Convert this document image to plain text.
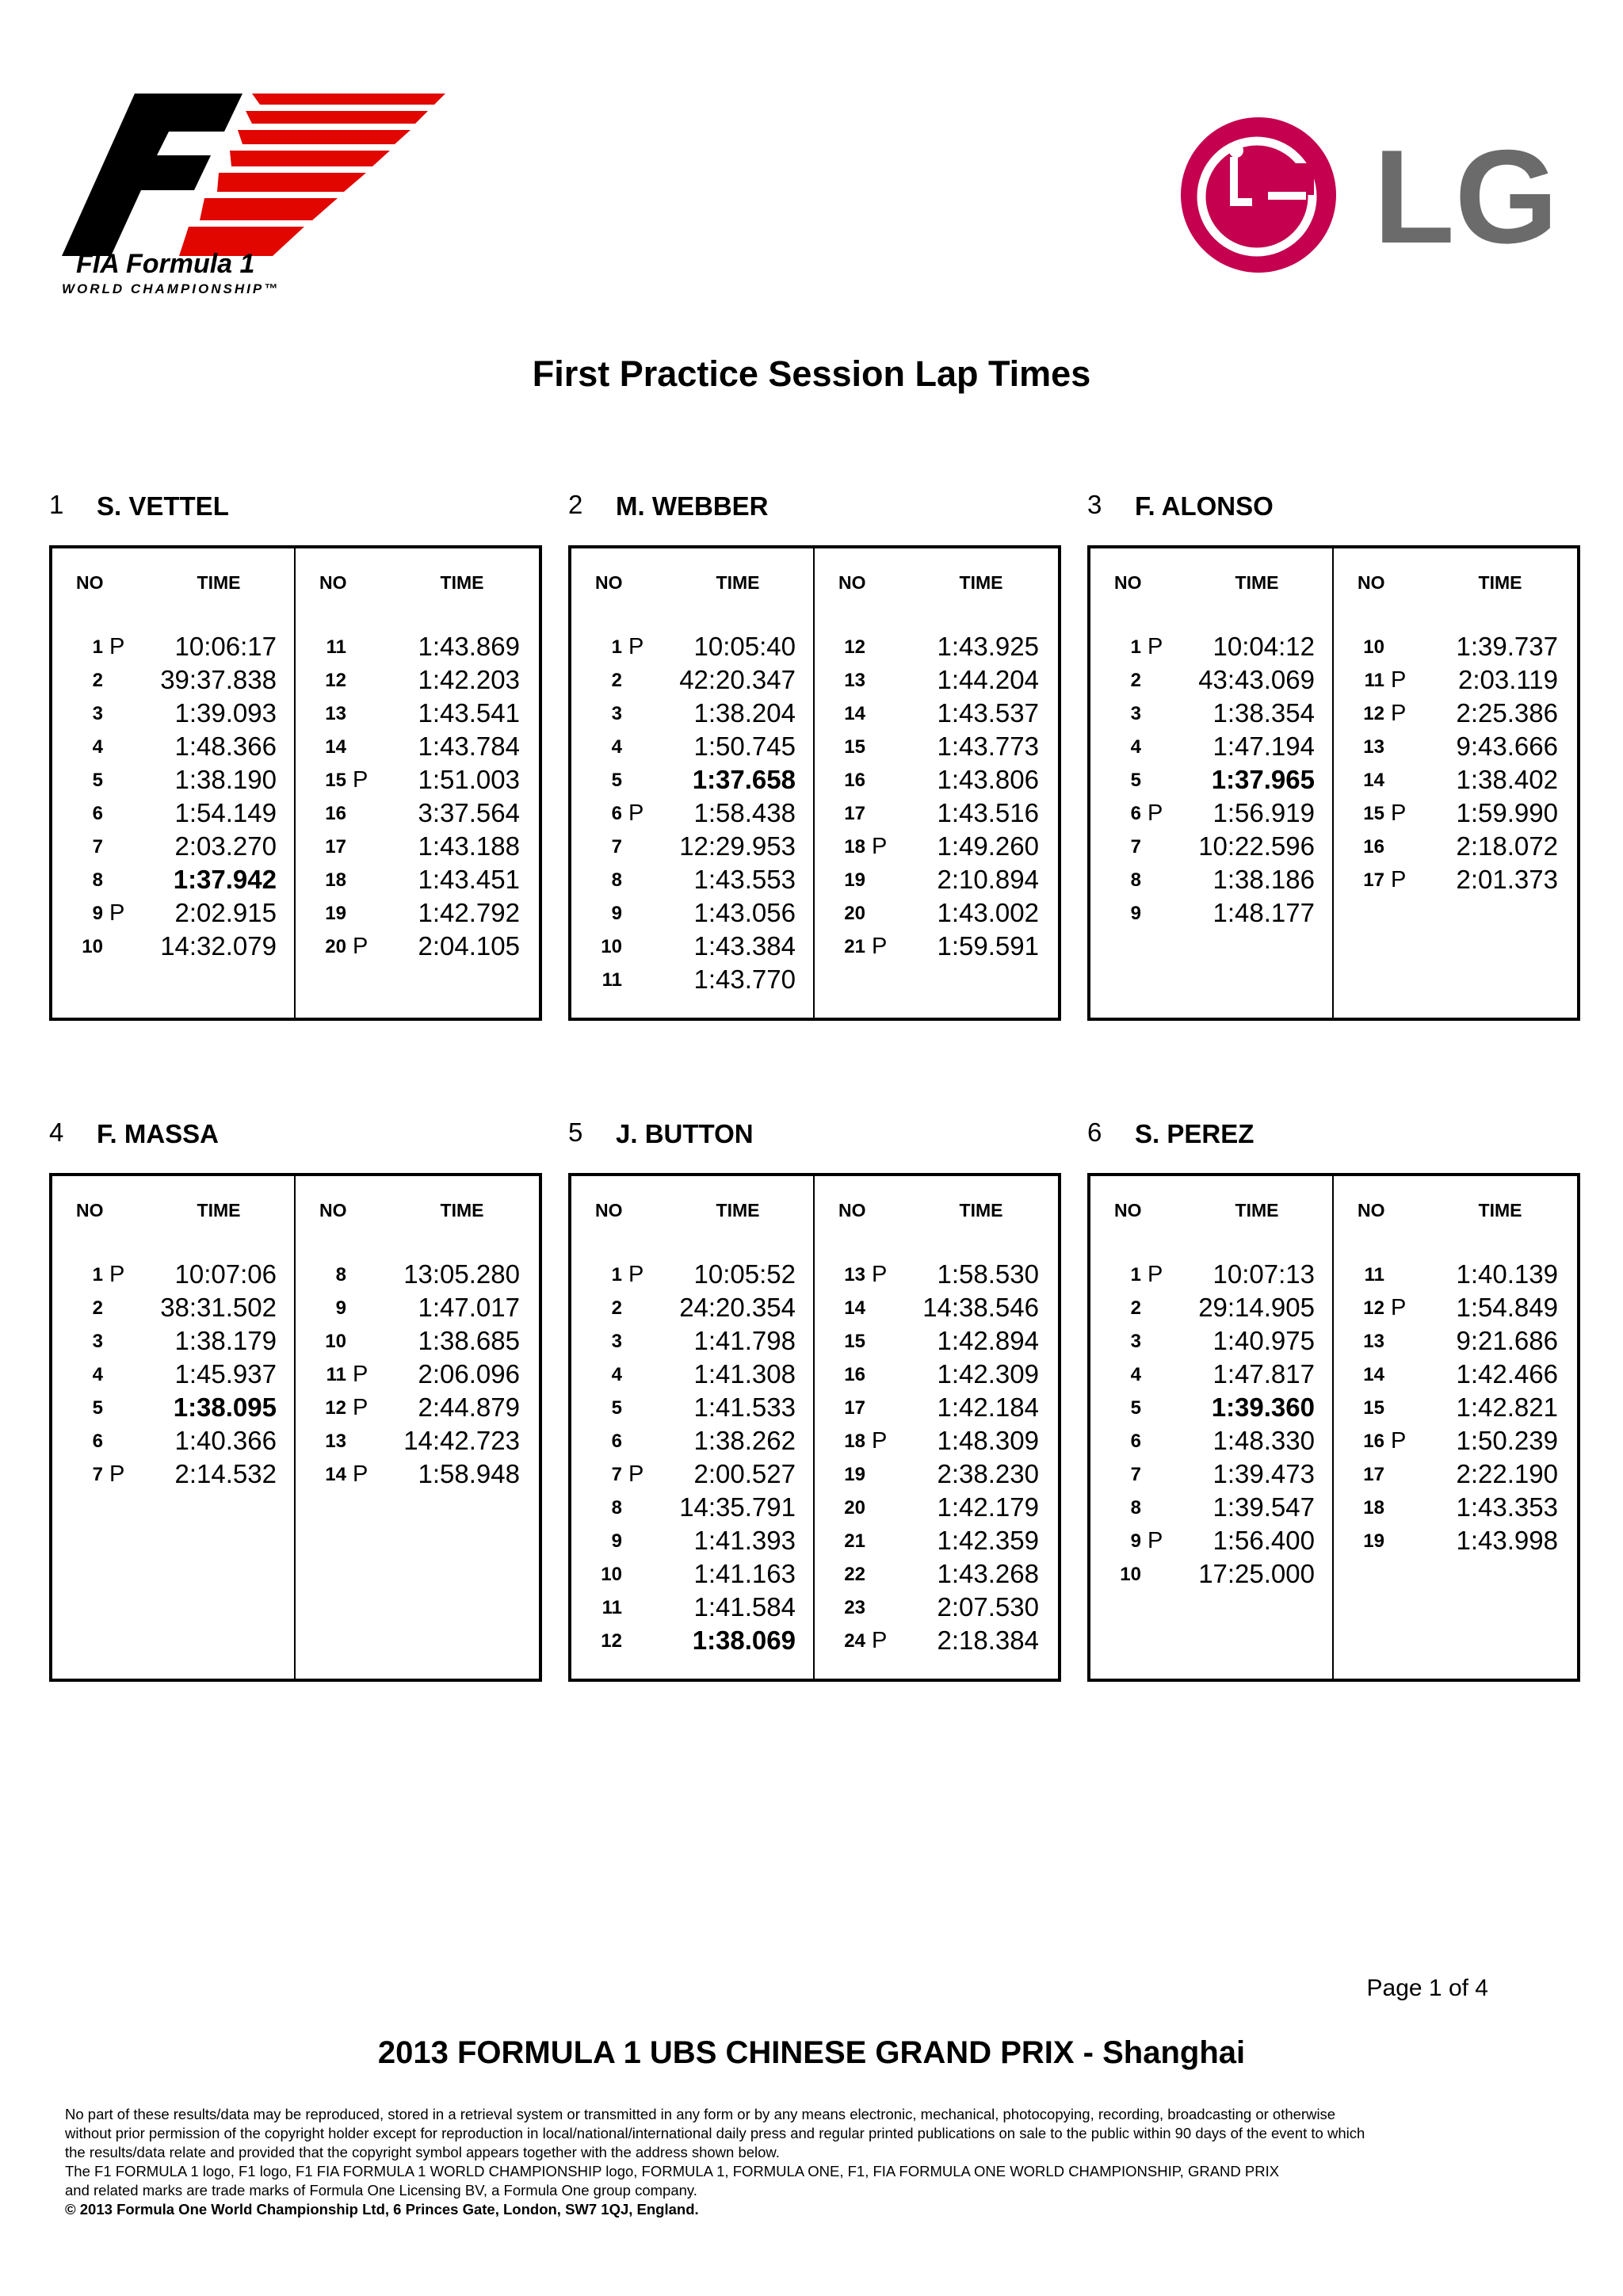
FIA Formula 1
WORLD CHAMPIONSHIP™
LG
First Practice Session Lap Times
1 S. VETTEL
NO	TIME
1 P 10:06:17
2 39:37.838
3	1:39.093
4	1:48.366
5	1:38.190
6	1:54.149
7	2:03.270
8	1:37.942
9 P 2:02.915
10 14:32.079
NO	TIME
11	1:43.869
12	1:42.203
13	1:43.541
14	1:43.784
15 P 1:51.003
16	3:37.564
17	1:43.188
18	1:43.451
19	1:42.792
20 P 2:04.105
2 M. WEBBER
NO	TIME
1 P 10:05:40
2 42:20.347
3	1:38.204
4	1:50.745
5	1:37.658
6 P 1:58.438
7 12:29.953
8	1:43.553
9	1:43.056
10	1:43.384
11	1:43.770
NO	TIME
12	1:43.925
13	1:44.204
14	1:43.537
15	1:43.773
16	1:43.806
17	1:43.516
18 P 1:49.260
19	2:10.894
20	1:43.002
21 P 1:59.591
3 F. ALONSO
NO	TIME
1 P 10:04:12
2 43:43.069
3	1:38.354
4	1:47.194
5	1:37.965
6 P 1:56.919
7 10:22.596
8	1:38.186
9	1:48.177
NO	TIME
10	1:39.737
11 P 2:03.119
12 P 2:25.386
13	9:43.666
14	1:38.402
15 P 1:59.990
16	2:18.072
17 P 2:01.373
4 F. MASSA
NO	TIME
1 P 10:07:06
2 38:31.502
3	1:38.179
4	1:45.937
5	1:38.095
6	1:40.366
7 P 2:14.532
NO	TIME
8 13:05.280
9	1:47.017
10	1:38.685
11 P 2:06.096
12 P 2:44.879
13 14:42.723
14 P 1:58.948
5 J. BUTTON
NO	TIME
1 P 10:05:52
2 24:20.354
3	1:41.798
4	1:41.308
5	1:41.533
6	1:38.262
7 P 2:00.527
8 14:35.791
9	1:41.393
10	1:41.163
11	1:41.584
12	1:38.069
NO	TIME
13 P 1:58.530
14 14:38.546
15	1:42.894
16	1:42.309
17	1:42.184
18 P 1:48.309
19	2:38.230
20	1:42.179
21	1:42.359
22	1:43.268
23	2:07.530
24 P 2:18.384
6 S. PEREZ
NO	TIME
1 P 10:07:13
2 29:14.905
3	1:40.975
4	1:47.817
5	1:39.360
6	1:48.330
7	1:39.473
8	1:39.547
9 P 1:56.400
10 17:25.000
NO	TIME
11	1:40.139
12 P 1:54.849
13	9:21.686
14	1:42.466
15	1:42.821
16 P 1:50.239
17	2:22.190
18	1:43.353
19	1:43.998
Page 1 of 4
2013 FORMULA 1 UBS CHINESE GRAND PRIX - Shanghai
No part of these results/data may be reproduced, stored in a retrieval system or transmitted in any form or by any means electronic, mechanical, photocopying, recording, broadcasting or otherwise
without prior permission of the copyright holder except for reproduction in local/national/international daily press and regular printed publications on sale to the public within 90 days of the event to which
the results/data relate and provided that the copyright symbol appears together with the address shown below.
The F1 FORMULA 1 logo, F1 logo, F1 FIA FORMULA 1 WORLD CHAMPIONSHIP logo, FORMULA 1, FORMULA ONE, F1, FIA FORMULA ONE WORLD CHAMPIONSHIP, GRAND PRIX
and related marks are trade marks of Formula One Licensing BV, a Formula One group company.
© 2013 Formula One World Championship Ltd, 6 Princes Gate, London, SW7 1QJ, England.
